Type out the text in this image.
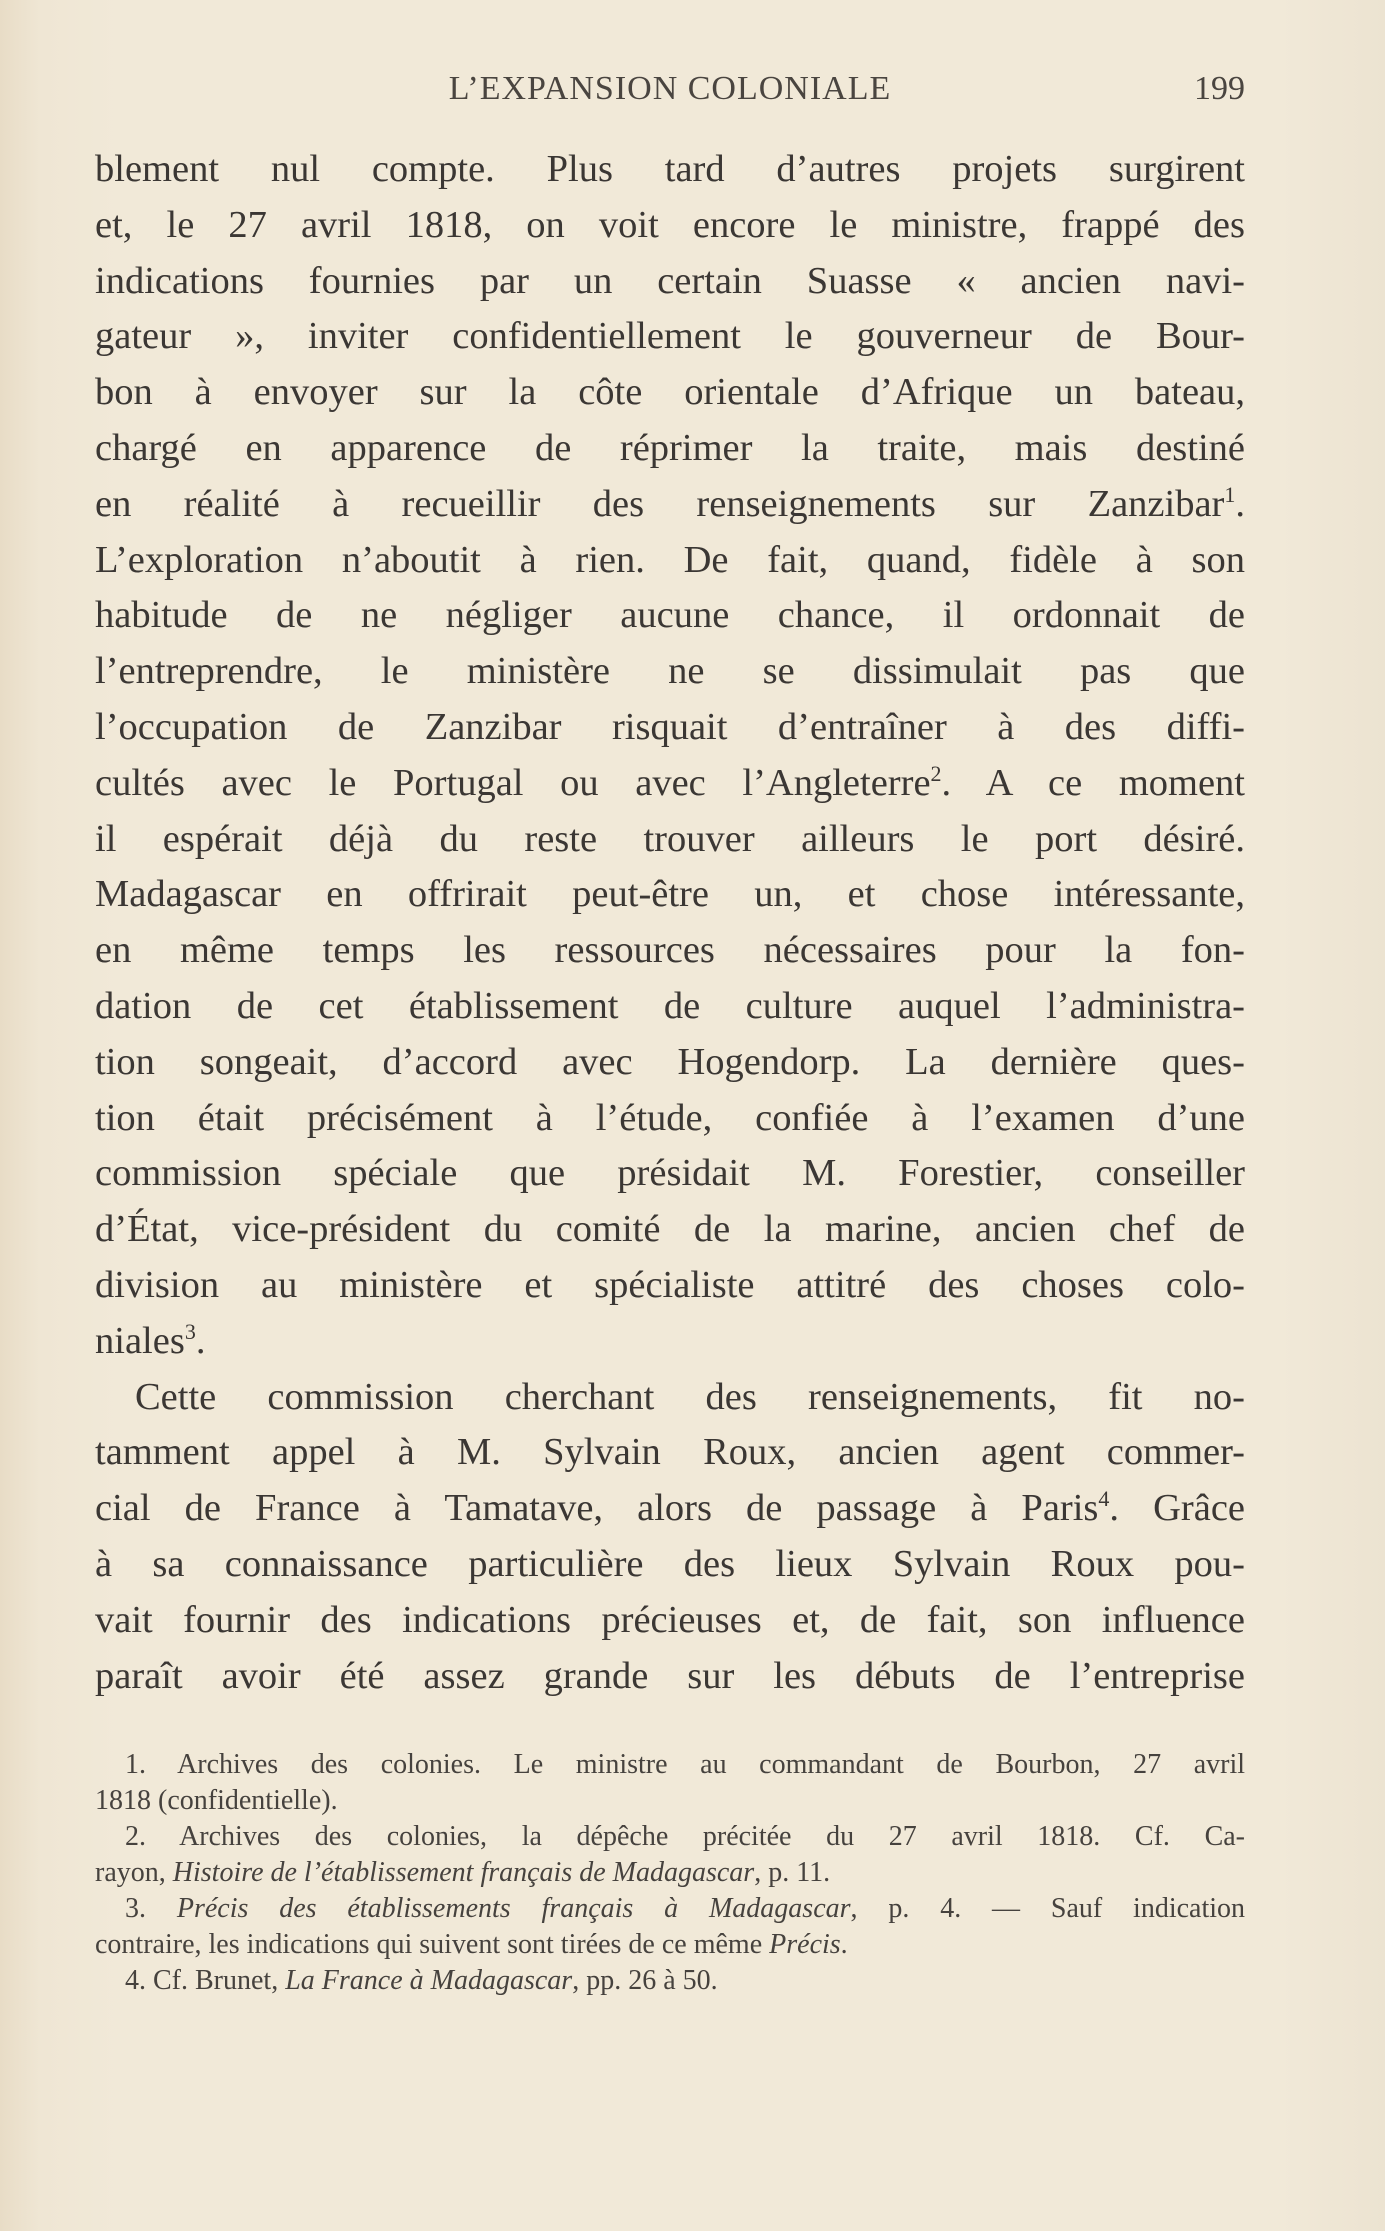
L’EXPANSION COLONIALE	199
blement nul compte. Plus tard d’autres projets surgirent
et, le 27 avril 1818, on voit encore le ministre, frappé des
indications fournies par un certain Suasse « ancien navi-
gateur », inviter confidentiellement le gouverneur de Bour-
bon à envoyer sur la côte orientale d’Afrique un bateau,
chargé en apparence de réprimer la traite, mais destiné
en réalité à recueillir des renseignements sur Zanzibar$^1$.
L’exploration n’aboutit à rien. De fait, quand, fidèle à son
habitude de ne négliger aucune chance, il ordonnait de
l’entreprendre, le ministère ne se dissimulait pas que
l’occupation de Zanzibar risquait d’entraîner à des diffi-
cultés avec le Portugal ou avec l’Angleterre$^2$. A ce moment
il espérait déjà du reste trouver ailleurs le port désiré.
Madagascar en offrirait peut-être un, et chose intéressante,
en même temps les ressources nécessaires pour la fon-
dation de cet établissement de culture auquel l’administra-
tion songeait, d’accord avec Hogendorp. La dernière ques-
tion était précisément à l’étude, confiée à l’examen d’une
commission spéciale que présidait M. Forestier, conseiller
d’État, vice-président du comité de la marine, ancien chef de
division au ministère et spécialiste attitré des choses colo-
niales$^3$.
Cette commission cherchant des renseignements, fit no-
tamment appel à M. Sylvain Roux, ancien agent commer-
cial de France à Tamatave, alors de passage à Paris$^4$. Grâce
à sa connaissance particulière des lieux Sylvain Roux pou-
vait fournir des indications précieuses et, de fait, son influence
paraît avoir été assez grande sur les débuts de l’entreprise
1. Archives des colonies. Le ministre au commandant de Bourbon, 27 avril
1818 (confidentielle).
2. Archives des colonies, la dépêche précitée du 27 avril 1818. Cf. Ca-
rayon, Histoire de l’établissement français de Madagascar, p. 11.
3. Précis des établissements français à Madagascar, p. 4. — Sauf indication
contraire, les indications qui suivent sont tirées de ce même Précis.
4. Cf. Brunet, La France à Madagascar, pp. 26 à 50.
